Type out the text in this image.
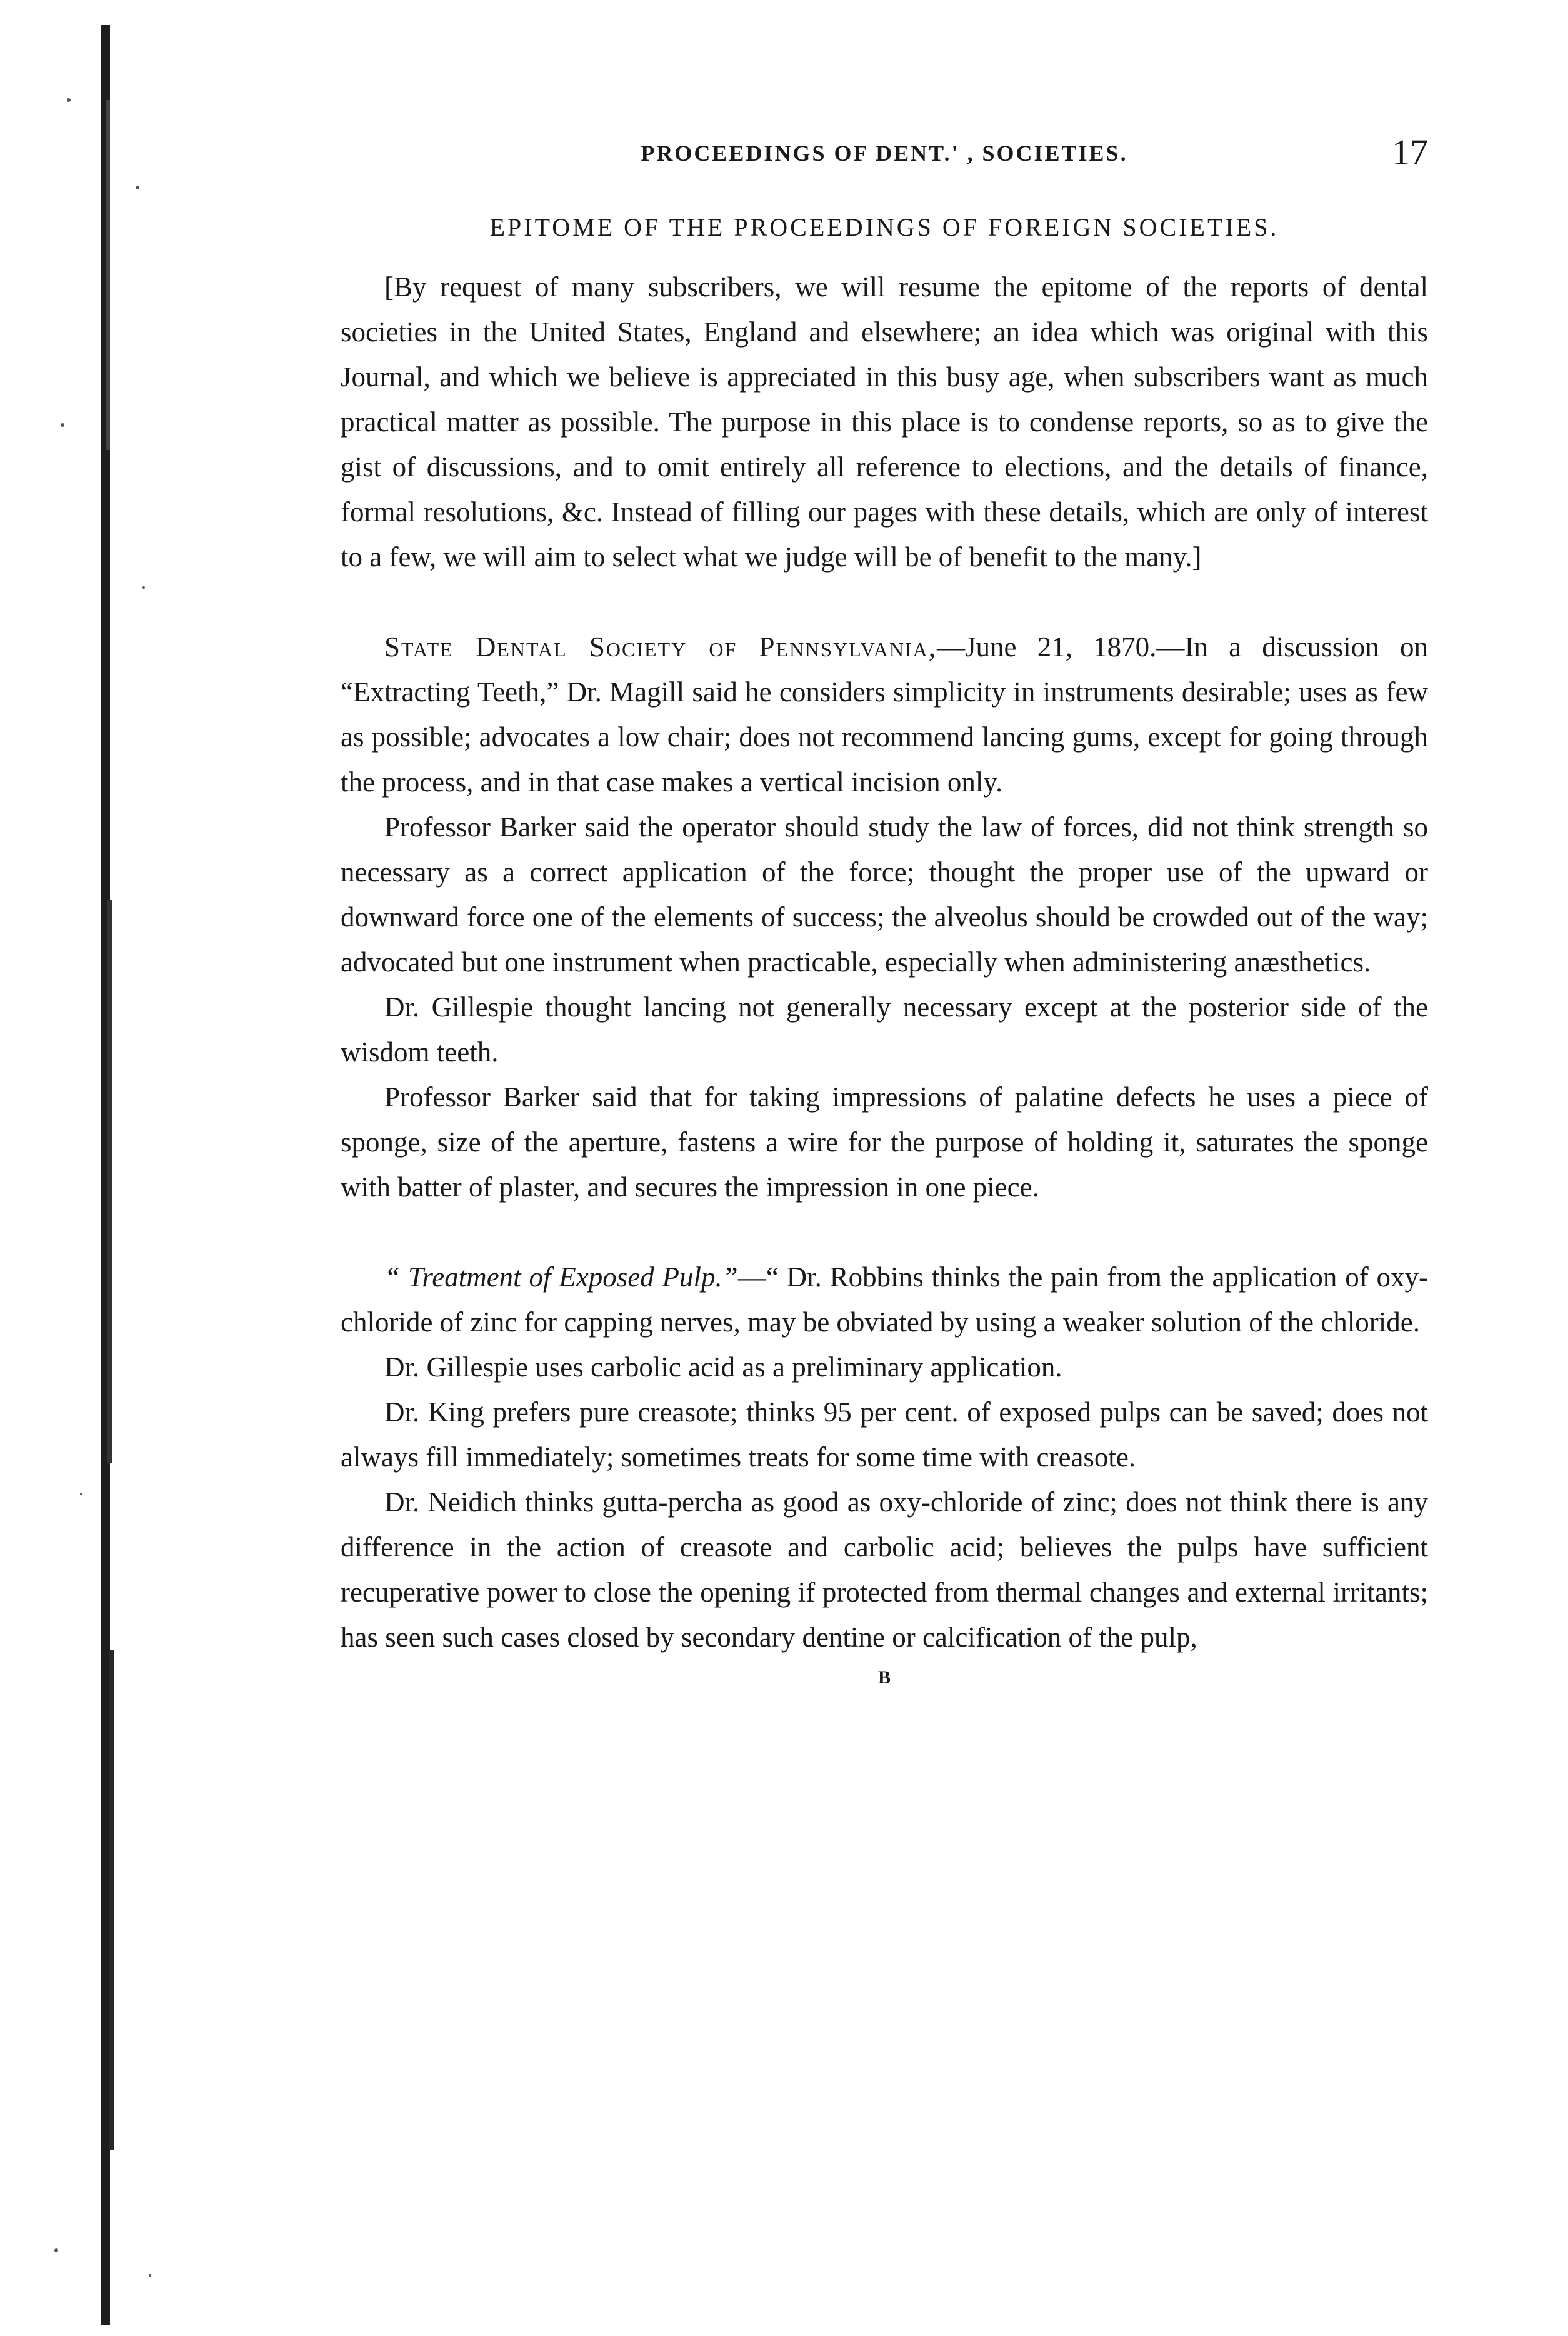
PROCEEDINGS OF DENT.' , SOCIETIES.	17
EPITOME OF THE PROCEEDINGS OF FOREIGN SOCIETIES.

[By request of many subscribers, we will resume the epitome of the reports of dental societies in the United States, England and elsewhere; an idea which was original with this Journal, and which we believe is appreciated in this busy age, when subscribers want as much practical matter as possible. The purpose in this place is to condense reports, so as to give the gist of discussions, and to omit entirely all reference to elections, and the details of finance, formal resolutions, &c. Instead of filling our pages with these details, which are only of interest to a few, we will aim to select what we judge will be of benefit to the many.]

State Dental Society of Pennsylvania,—June 21, 1870.—In a discussion on “Extracting Teeth,” Dr. Magill said he considers simplicity in instruments desirable; uses as few as possible; advocates a low chair; does not recommend lancing gums, except for going through the process, and in that case makes a vertical incision only.

Professor Barker said the operator should study the law of forces, did not think strength so necessary as a correct application of the force; thought the proper use of the upward or downward force one of the elements of success; the alveolus should be crowded out of the way; advocated but one instrument when practicable, especially when administering anæsthetics.

Dr. Gillespie thought lancing not generally necessary except at the posterior side of the wisdom teeth.

Professor Barker said that for taking impressions of palatine defects he uses a piece of sponge, size of the aperture, fastens a wire for the purpose of holding it, saturates the sponge with batter of plaster, and secures the impression in one piece.

“ Treatment of Exposed Pulp.”—“ Dr. Robbins thinks the pain from the application of oxy-chloride of zinc for capping nerves, may be obviated by using a weaker solution of the chloride.

Dr. Gillespie uses carbolic acid as a preliminary application.

Dr. King prefers pure creasote; thinks 95 per cent. of exposed pulps can be saved; does not always fill immediately; sometimes treats for some time with creasote.

Dr. Neidich thinks gutta-percha as good as oxy-chloride of zinc; does not think there is any difference in the action of creasote and carbolic acid; believes the pulps have sufficient recuperative power to close the opening if protected from thermal changes and external irritants; has seen such cases closed by secondary dentine or calcification of the pulp,

B
